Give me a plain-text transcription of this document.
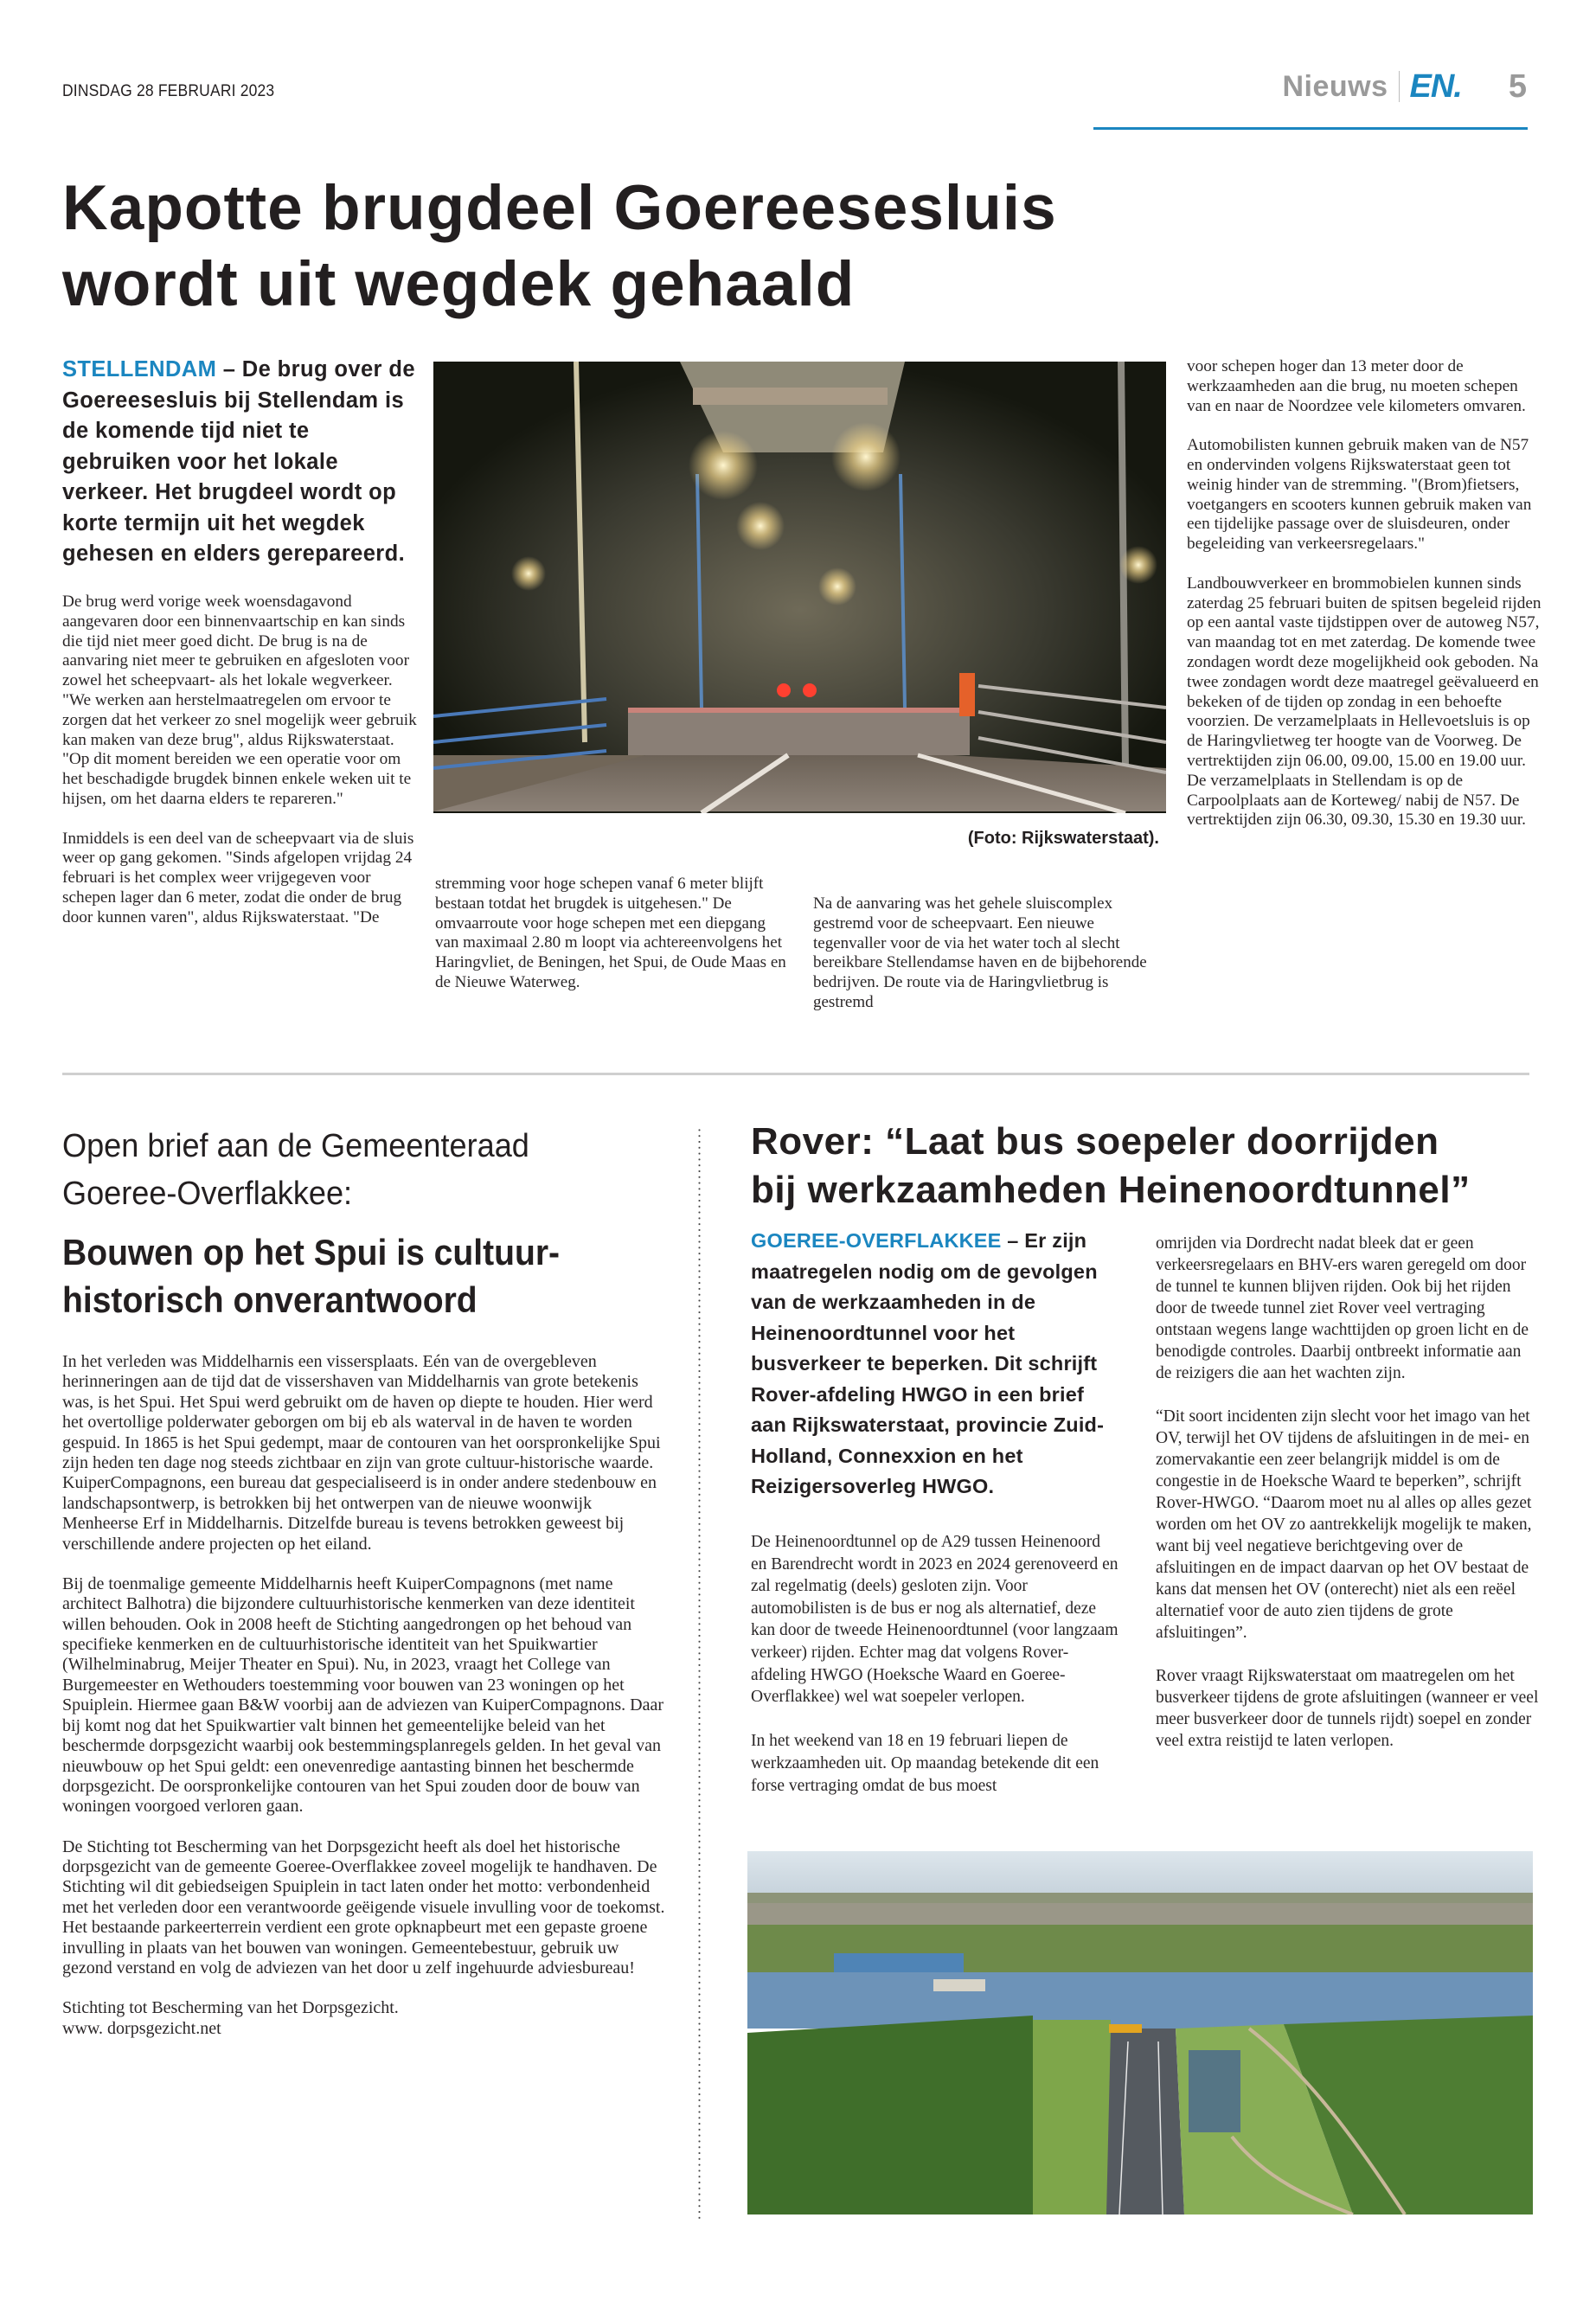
DINSDAG 28 FEBRUARI 2023	Nieuws EN. 5
Kapotte brugdeel Goereesesluis
wordt uit wegdek gehaald
STELLENDAM – De brug over de Goereesesluis bij Stellendam is de komende tijd niet te gebruiken voor het lokale verkeer. Het brugdeel wordt op korte termijn uit het wegdek gehesen en elders gerepareerd.

De brug werd vorige week woensdagavond aangevaren door een binnenvaartschip en kan sinds die tijd niet meer goed dicht. De brug is na de aanvaring niet meer te gebruiken en afgesloten voor zowel het scheepvaart- als het lokale wegverkeer. "We werken aan herstelmaatregelen om ervoor te zorgen dat het verkeer zo snel mogelijk weer gebruik kan maken van deze brug", aldus Rijkswaterstaat. "Op dit moment bereiden we een operatie voor om het beschadigde brugdek binnen enkele weken uit te hijsen, om het daarna elders te repareren."

Inmiddels is een deel van de scheepvaart via de sluis weer op gang gekomen. "Sinds afgelopen vrijdag 24 februari is het complex weer vrijgegeven voor schepen lager dan 6 meter, zodat die onder de brug door kunnen varen", aldus Rijkswaterstaat. "De

(Foto: Rijkswaterstaat).

stremming voor hoge schepen vanaf 6 meter blijft bestaan totdat het brugdek is uitgehesen." De omvaarroute voor hoge schepen met een diepgang van maximaal 2.80 m loopt via achtereenvolgens het Haringvliet, de Beningen, het Spui, de Oude Maas en de Nieuwe Waterweg.

Na de aanvaring was het gehele sluiscomplex gestremd voor de scheepvaart. Een nieuwe tegenvaller voor de via het water toch al slecht bereikbare Stellendamse haven en de bijbehorende bedrijven. De route via de Haringvlietbrug is gestremd

voor schepen hoger dan 13 meter door de werkzaamheden aan die brug, nu moeten schepen van en naar de Noordzee vele kilometers omvaren.

Automobilisten kunnen gebruik maken van de N57 en ondervinden volgens Rijkswaterstaat geen tot weinig hinder van de stremming. "(Brom)fietsers, voetgangers en scooters kunnen gebruik maken van een tijdelijke passage over de sluisdeuren, onder begeleiding van verkeersregelaars."

Landbouwverkeer en brommobielen kunnen sinds zaterdag 25 februari buiten de spitsen begeleid rijden op een aantal vaste tijdstippen over de autoweg N57, van maandag tot en met zaterdag. De komende twee zondagen wordt deze mogelijkheid ook geboden. Na twee zondagen wordt deze maatregel geëvalueerd en bekeken of de tijden op zondag in een behoefte voorzien. De verzamelplaats in Hellevoetsluis is op de Haringvlietweg ter hoogte van de Voorweg. De vertrektijden zijn 06.00, 09.00, 15.00 en 19.00 uur. De verzamelplaats in Stellendam is op de Carpoolplaats aan de Korteweg/ nabij de N57. De vertrektijden zijn 06.30, 09.30, 15.30 en 19.30 uur.

Open brief aan de Gemeenteraad
Goeree-Overflakkee:
Bouwen op het Spui is cultuur-
historisch onverantwoord

In het verleden was Middelharnis een vissersplaats. Eén van de overgebleven herinneringen aan de tijd dat de vissershaven van Middelharnis van grote betekenis was, is het Spui. Het Spui werd gebruikt om de haven op diepte te houden. Hier werd het overtollige polderwater geborgen om bij eb als waterval in de haven te worden gespuid. In 1865 is het Spui gedempt, maar de contouren van het oorspronkelijke Spui zijn heden ten dage nog steeds zichtbaar en zijn van grote cultuur-historische waarde. KuiperCompagnons, een bureau dat gespecialiseerd is in onder andere stedenbouw en landschapsontwerp, is betrokken bij het ontwerpen van de nieuwe woonwijk Menheerse Erf in Middelharnis. Ditzelfde bureau is tevens betrokken geweest bij verschillende andere projecten op het eiland.

Bij de toenmalige gemeente Middelharnis heeft KuiperCompagnons (met name architect Balhotra) die bijzondere cultuurhistorische kenmerken van deze identiteit willen behouden. Ook in 2008 heeft de Stichting aangedrongen op het behoud van specifieke kenmerken en de cultuurhistorische identiteit van het Spuikwartier (Wilhelminabrug, Meijer Theater en Spui). Nu, in 2023, vraagt het College van Burgemeester en Wethouders toestemming voor bouwen van 23 woningen op het Spuiplein. Hiermee gaan B&W voorbij aan de adviezen van KuiperCompagnons. Daar bij komt nog dat het Spuikwartier valt binnen het gemeentelijke beleid van het beschermde dorpsgezicht waarbij ook bestemmingsplanregels gelden. In het geval van nieuwbouw op het Spui geldt: een onevenredige aantasting binnen het beschermde dorpsgezicht. De oorspronkelijke contouren van het Spui zouden door de bouw van woningen voorgoed verloren gaan.

De Stichting tot Bescherming van het Dorpsgezicht heeft als doel het historische dorpsgezicht van de gemeente Goeree-Overflakkee zoveel mogelijk te handhaven. De Stichting wil dit gebiedseigen Spuiplein in tact laten onder het motto: verbondenheid met het verleden door een verantwoorde geëigende visuele invulling voor de toekomst. Het bestaande parkeerterrein verdient een grote opknapbeurt met een gepaste groene invulling in plaats van het bouwen van woningen. Gemeentebestuur, gebruik uw gezond verstand en volg de adviezen van het door u zelf ingehuurde adviesbureau!

Stichting tot Bescherming van het Dorpsgezicht.
www. dorpsgezicht.net

Rover: “Laat bus soepeler doorrijden
bij werkzaamheden Heinenoordtunnel”
GOEREE-OVERFLAKKEE – Er zijn maatregelen nodig om de gevolgen van de werkzaamheden in de Heinenoordtunnel voor het busverkeer te beperken. Dit schrijft Rover-afdeling HWGO in een brief aan Rijkswaterstaat, provincie Zuid-Holland, Connexxion en het Reizigersoverleg HWGO.

De Heinenoordtunnel op de A29 tussen Heinenoord en Barendrecht wordt in 2023 en 2024 gerenoveerd en zal regelmatig (deels) gesloten zijn. Voor automobilisten is de bus er nog als alternatief, deze kan door de tweede Heinenoordtunnel (voor langzaam verkeer) rijden. Echter mag dat volgens Rover-afdeling HWGO (Hoeksche Waard en Goeree-Overflakkee) wel wat soepeler verlopen.

In het weekend van 18 en 19 februari liepen de werkzaamheden uit. Op maandag betekende dit een forse vertraging omdat de bus moest

omrijden via Dordrecht nadat bleek dat er geen verkeersregelaars en BHV-ers waren geregeld om door de tunnel te kunnen blijven rijden. Ook bij het rijden door de tweede tunnel ziet Rover veel vertraging ontstaan wegens lange wachttijden op groen licht en de benodigde controles. Daarbij ontbreekt informatie aan de reizigers die aan het wachten zijn.

“Dit soort incidenten zijn slecht voor het imago van het OV, terwijl het OV tijdens de afsluitingen in de mei- en zomervakantie een zeer belangrijk middel is om de congestie in de Hoeksche Waard te beperken”, schrijft Rover-HWGO. “Daarom moet nu al alles op alles gezet worden om het OV zo aantrekkelijk mogelijk te maken, want bij veel negatieve berichtgeving over de afsluitingen en de impact daarvan op het OV bestaat de kans dat mensen het OV (onterecht) niet als een reëel alternatief voor de auto zien tijdens de grote afsluitingen”.

Rover vraagt Rijkswaterstaat om maatregelen om het busverkeer tijdens de grote afsluitingen (wanneer er veel meer busverkeer door de tunnels rijdt) soepel en zonder veel extra reistijd te laten verlopen.
